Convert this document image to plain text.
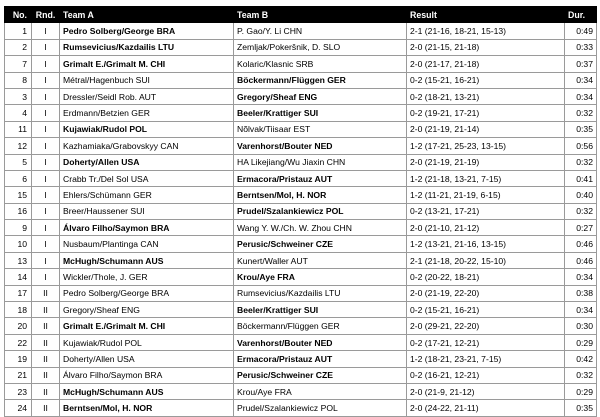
No.	Rnd.	Team A	Team B	Result	Dur.
1	I	Pedro Solberg/George BRA	P. Gao/Y. Li CHN	2-1 (21-16, 18-21, 15-13)	0:49
2	I	Rumsevicius/Kazdailis LTU	Zemljak/Pokeršnik, D. SLO	2-0 (21-15, 21-18)	0:33
7	I	Grimalt E./Grimalt M. CHI	Kolaric/Klasnic SRB	2-0 (21-17, 21-18)	0:37
8	I	Métral/Hagenbuch SUI	Böckermann/Flüggen GER	0-2 (15-21, 16-21)	0:34
3	I	Dressler/Seidl Rob. AUT	Gregory/Sheaf ENG	0-2 (18-21, 13-21)	0:34
4	I	Erdmann/Betzien GER	Beeler/Krattiger SUI	0-2 (19-21, 17-21)	0:32
11	I	Kujawiak/Rudol POL	Nõlvak/Tiisaar EST	2-0 (21-19, 21-14)	0:35
12	I	Kazhamiaka/Grabovskyy CAN	Varenhorst/Bouter NED	1-2 (17-21, 25-23, 13-15)	0:56
5	I	Doherty/Allen USA	HA Likejiang/Wu Jiaxin CHN	2-0 (21-19, 21-19)	0:32
6	I	Crabb Tr./Del Sol USA	Ermacora/Pristauz AUT	1-2 (21-18, 13-21, 7-15)	0:41
15	I	Ehlers/Schümann GER	Berntsen/Mol, H. NOR	1-2 (11-21, 21-19, 6-15)	0:40
16	I	Breer/Haussener SUI	Prudel/Szalankiewicz POL	0-2 (13-21, 17-21)	0:32
9	I	Álvaro Filho/Saymon BRA	Wang Y. W./Ch. W. Zhou CHN	2-0 (21-10, 21-12)	0:27
10	I	Nusbaum/Plantinga CAN	Perusic/Schweiner CZE	1-2 (13-21, 21-16, 13-15)	0:46
13	I	McHugh/Schumann AUS	Kunert/Waller AUT	2-1 (21-18, 20-22, 15-10)	0:46
14	I	Wickler/Thole, J. GER	Krou/Aye FRA	0-2 (20-22, 18-21)	0:34
17	II	Pedro Solberg/George BRA	Rumsevicius/Kazdailis LTU	2-0 (21-19, 22-20)	0:38
18	II	Gregory/Sheaf ENG	Beeler/Krattiger SUI	0-2 (15-21, 16-21)	0:34
20	II	Grimalt E./Grimalt M. CHI	Böckermann/Flüggen GER	2-0 (29-21, 22-20)	0:30
22	II	Kujawiak/Rudol POL	Varenhorst/Bouter NED	0-2 (17-21, 12-21)	0:29
19	II	Doherty/Allen USA	Ermacora/Pristauz AUT	1-2 (18-21, 23-21, 7-15)	0:42
21	II	Álvaro Filho/Saymon BRA	Perusic/Schweiner CZE	0-2 (16-21, 12-21)	0:32
23	II	McHugh/Schumann AUS	Krou/Aye FRA	2-0 (21-9, 21-12)	0:29
24	II	Berntsen/Mol, H. NOR	Prudel/Szalankiewicz POL	2-0 (24-22, 21-11)	0:35
